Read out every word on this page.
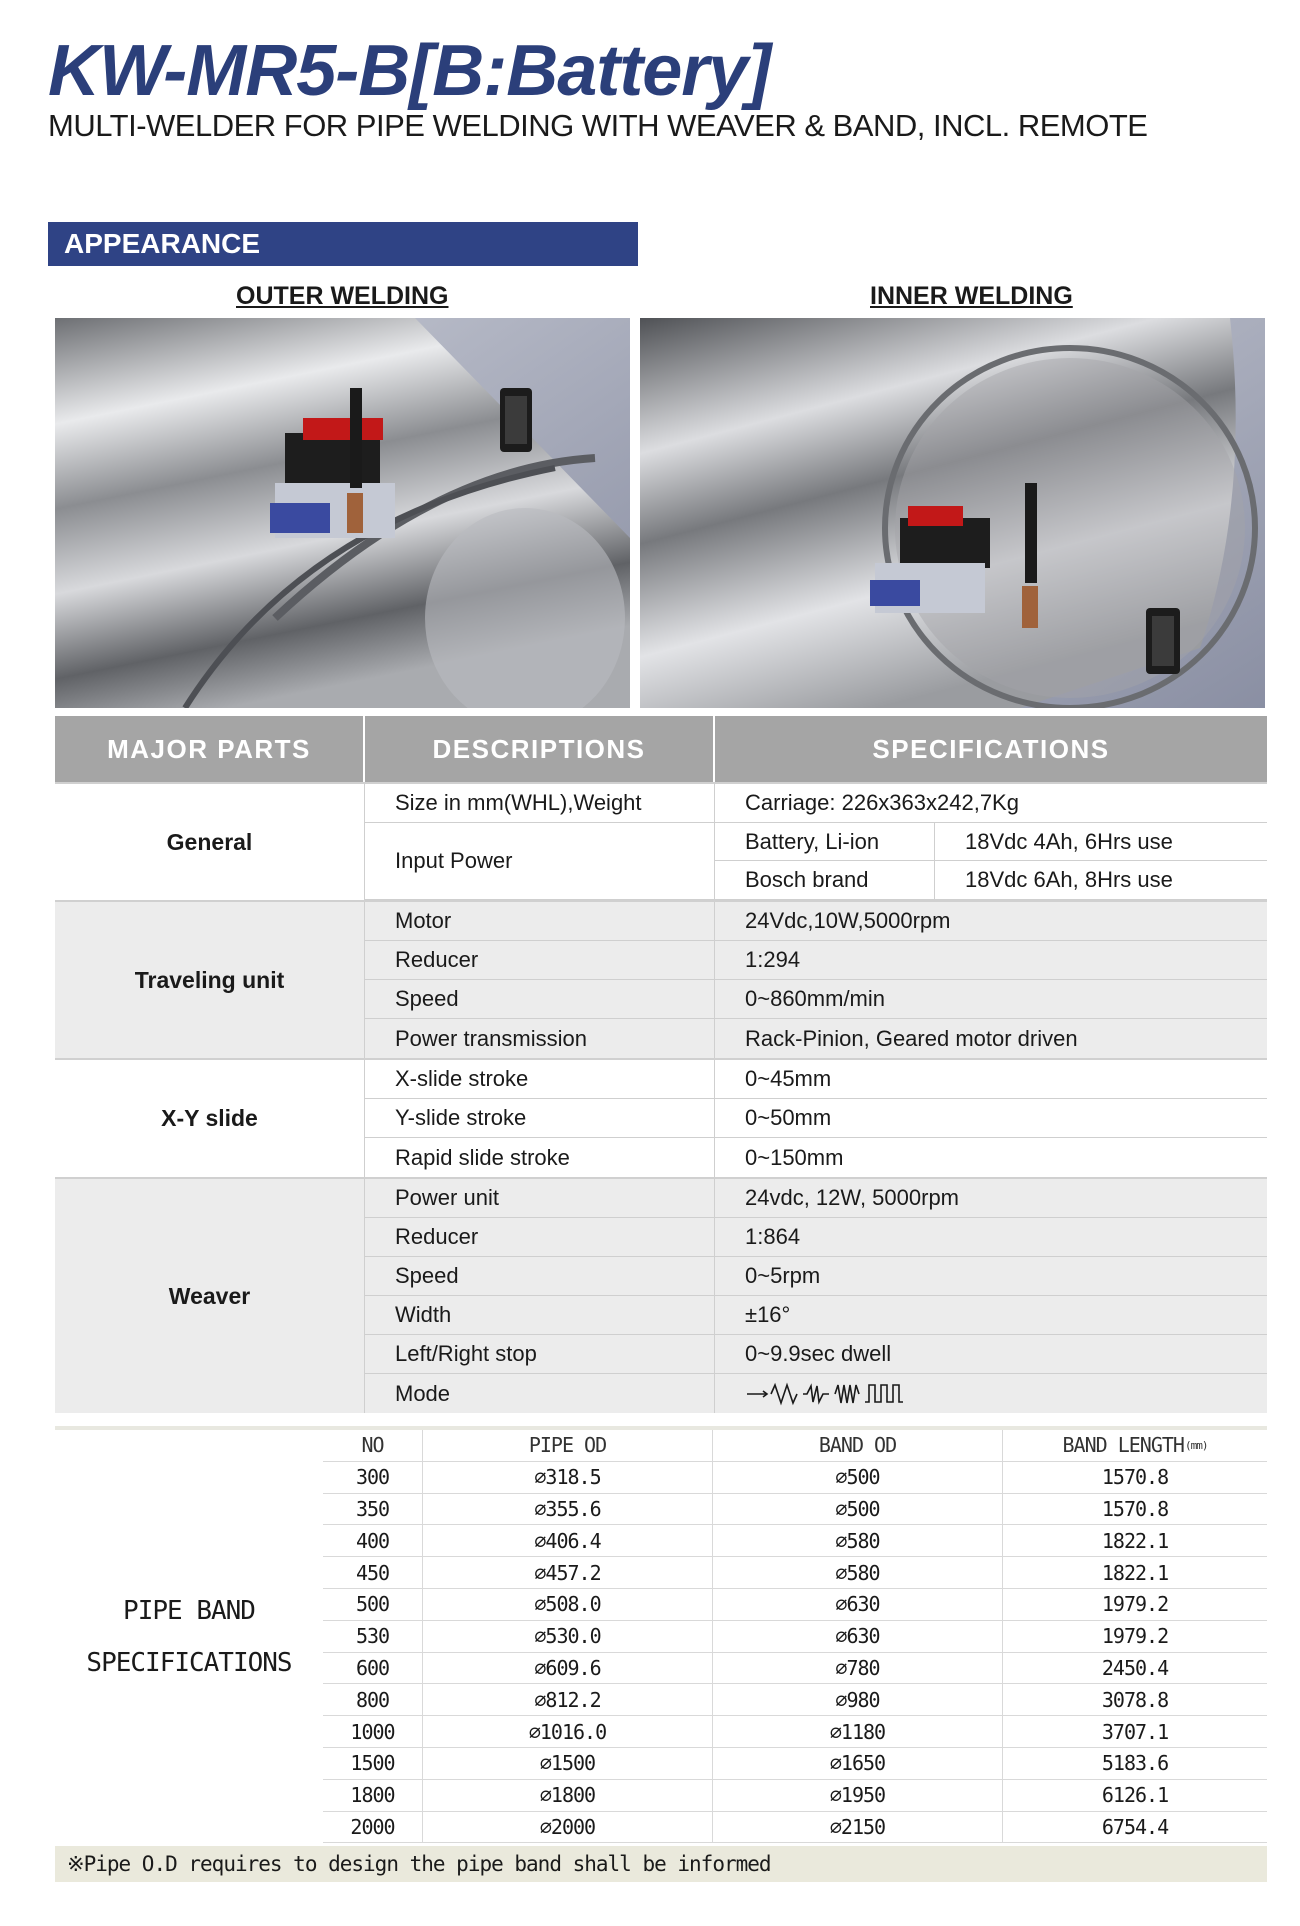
KW-MR5-B[B:Battery]
MULTI-WELDER FOR PIPE WELDING WITH WEAVER & BAND, INCL. REMOTE
APPEARANCE
OUTER WELDING	INNER WELDING
MAJOR PARTS	DESCRIPTIONS	SPECIFICATIONS
General
Size in mm(WHL),Weight	Carriage: 226x363x242,7Kg
Input Power
Battery, Li-ion	18Vdc 4Ah, 6Hrs use
Bosch brand	18Vdc 6Ah, 8Hrs use
Traveling unit
Motor	24Vdc,10W,5000rpm
Reducer	1:294
Speed	0~860mm/min
Power transmission	Rack-Pinion, Geared motor driven
X-Y slide
X-slide stroke	0~45mm
Y-slide stroke	0~50mm
Rapid slide stroke	0~150mm
Weaver
Power unit	24vdc, 12W, 5000rpm
Reducer	1:864
Speed	0~5rpm
Width	±16°
Left/Right stop	0~9.9sec dwell
Mode
PIPE BAND
SPECIFICATIONS
NO	PIPE OD	BAND OD	BAND LENGTH (mm)
300	∅318.5	∅500	1570.8
350	∅355.6	∅500	1570.8
400	∅406.4	∅580	1822.1
450	∅457.2	∅580	1822.1
500	∅508.0	∅630	1979.2
530	∅530.0	∅630	1979.2
600	∅609.6	∅780	2450.4
800	∅812.2	∅980	3078.8
1000	∅1016.0	∅1180	3707.1
1500	∅1500	∅1650	5183.6
1800	∅1800	∅1950	6126.1
2000	∅2000	∅2150	6754.4
※Pipe O.D requires to design the pipe band shall be informed
